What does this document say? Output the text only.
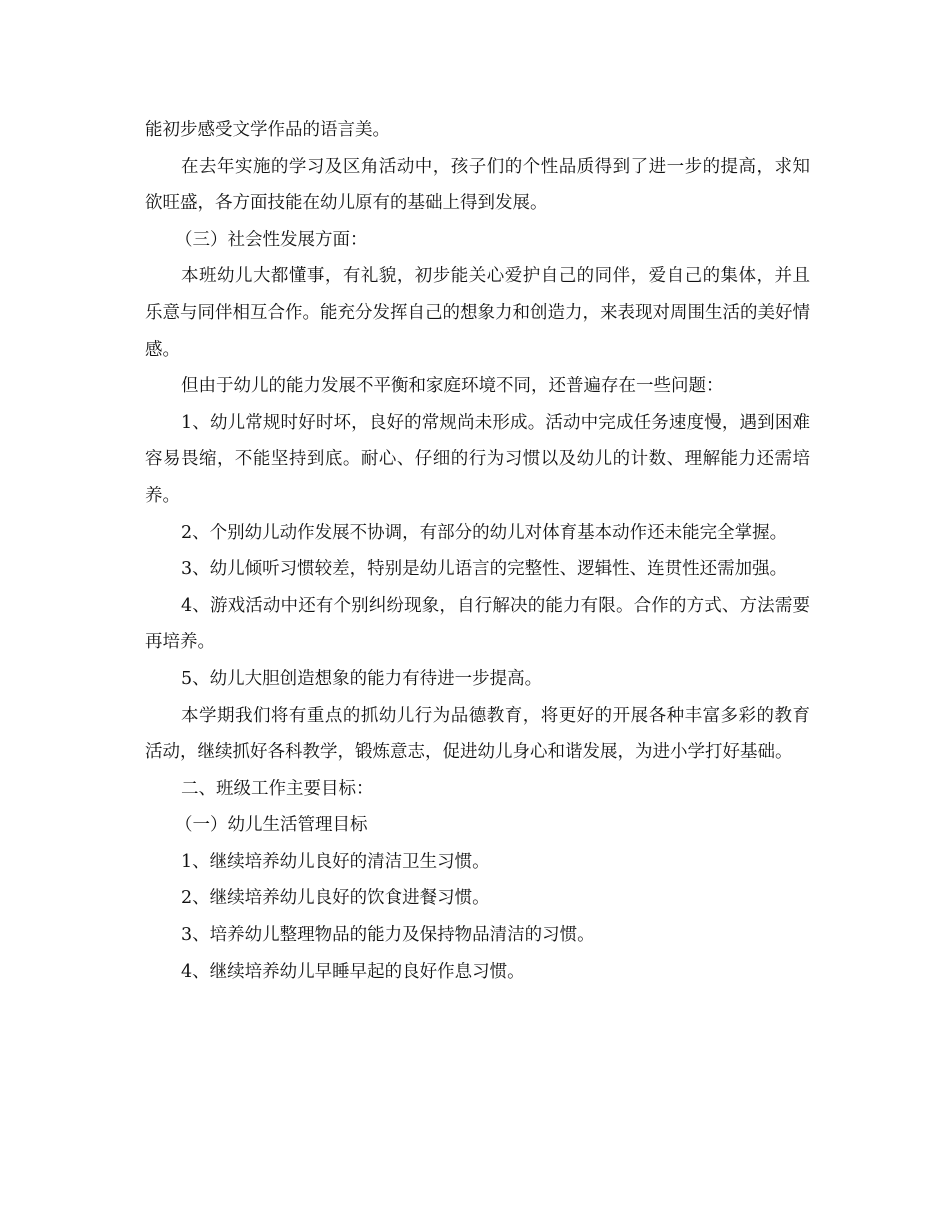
能初步感受文学作品的语言美。

在去年实施的学习及区角活动中，孩子们的个性品质得到了进一步的提高，求知欲旺盛，各方面技能在幼儿原有的基础上得到发展。

（三）社会性发展方面：

本班幼儿大都懂事，有礼貌，初步能关心爱护自己的同伴，爱自己的集体，并且乐意与同伴相互合作。能充分发挥自己的想象力和创造力，来表现对周围生活的美好情感。

但由于幼儿的能力发展不平衡和家庭环境不同，还普遍存在一些问题：

1、幼儿常规时好时坏，良好的常规尚未形成。活动中完成任务速度慢，遇到困难容易畏缩，不能坚持到底。耐心、仔细的行为习惯以及幼儿的计数、理解能力还需培养。

2、个别幼儿动作发展不协调，有部分的幼儿对体育基本动作还未能完全掌握。

3、幼儿倾听习惯较差，特别是幼儿语言的完整性、逻辑性、连贯性还需加强。

4、游戏活动中还有个别纠纷现象，自行解决的能力有限。合作的方式、方法需要再培养。

5、幼儿大胆创造想象的能力有待进一步提高。

本学期我们将有重点的抓幼儿行为品德教育，将更好的开展各种丰富多彩的教育活动，继续抓好各科教学，锻炼意志，促进幼儿身心和谐发展，为进小学打好基础。

二、班级工作主要目标：

（一）幼儿生活管理目标

1、继续培养幼儿良好的清洁卫生习惯。

2、继续培养幼儿良好的饮食进餐习惯。

3、培养幼儿整理物品的能力及保持物品清洁的习惯。

4、继续培养幼儿早睡早起的良好作息习惯。
